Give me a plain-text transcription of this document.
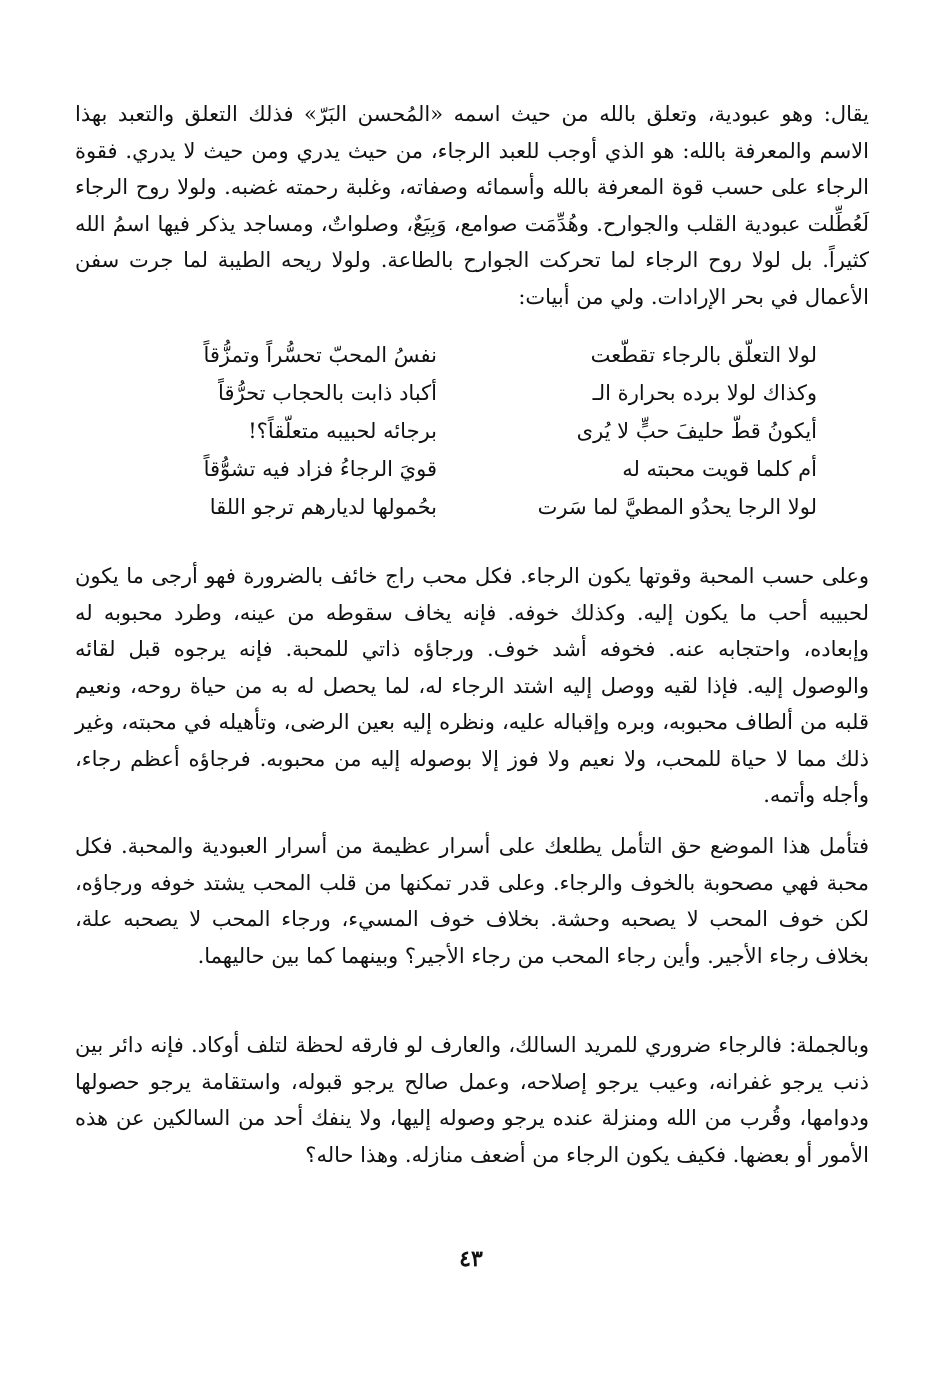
يقال: وهو عبودية، وتعلق بالله من حيث اسمه «المُحسن البَرّ» فذلك التعلق والتعبد بهذا الاسم والمعرفة بالله: هو الذي أوجب للعبد الرجاء، من حيث يدري ومن حيث لا يدري. فقوة الرجاء على حسب قوة المعرفة بالله وأسمائه وصفاته، وغلبة رحمته غضبه. ولولا روح الرجاء لَعُطِّلت عبودية القلب والجوارح. وهُدِّمَت صوامع، وَبِيَعٌ، وصلواتٌ، ومساجد يذكر فيها اسمُ الله كثيراً. بل لولا روح الرجاء لما تحركت الجوارح بالطاعة. ولولا ريحه الطيبة لما جرت سفن الأعمال في بحر الإرادات. ولي من أبيات:

لولا التعلّق بالرجاء تقطّعت
نفسُ المحبّ تحسُّراً وتمزُّقاً
وكذاك لولا برده بحرارة الـ
أكباد ذابت بالحجاب تحرُّقاً
أيكونُ قطّ حليفَ حبٍّ لا يُرى
برجائه لحبيبه متعلّقاً؟!
أم كلما قويت محبته له
قويَ الرجاءُ فزاد فيه تشوُّقاً
لولا الرجا يحدُو المطيَّ لما سَرت
بحُمولها لديارهم ترجو اللقا

وعلى حسب المحبة وقوتها يكون الرجاء. فكل محب راج خائف بالضرورة فهو أرجى ما يكون لحبيبه أحب ما يكون إليه. وكذلك خوفه. فإنه يخاف سقوطه من عينه، وطرد محبوبه له وإبعاده، واحتجابه عنه. فخوفه أشد خوف. ورجاؤه ذاتي للمحبة. فإنه يرجوه قبل لقائه والوصول إليه. فإذا لقيه ووصل إليه اشتد الرجاء له، لما يحصل له به من حياة روحه، ونعيم قلبه من ألطاف محبوبه، وبره وإقباله عليه، ونظره إليه بعين الرضى، وتأهيله في محبته، وغير ذلك مما لا حياة للمحب، ولا نعيم ولا فوز إلا بوصوله إليه من محبوبه. فرجاؤه أعظم رجاء، وأجله وأتمه.

فتأمل هذا الموضع حق التأمل يطلعك على أسرار عظيمة من أسرار العبودية والمحبة. فكل محبة فهي مصحوبة بالخوف والرجاء. وعلى قدر تمكنها من قلب المحب يشتد خوفه ورجاؤه، لكن خوف المحب لا يصحبه وحشة. بخلاف خوف المسيء، ورجاء المحب لا يصحبه علة، بخلاف رجاء الأجير. وأين رجاء المحب من رجاء الأجير؟ وبينهما كما بين حاليهما.

وبالجملة: فالرجاء ضروري للمريد السالك، والعارف لو فارقه لحظة لتلف أوكاد. فإنه دائر بين ذنب يرجو غفرانه، وعيب يرجو إصلاحه، وعمل صالح يرجو قبوله، واستقامة يرجو حصولها ودوامها، وقُرب من الله ومنزلة عنده يرجو وصوله إليها، ولا ينفك أحد من السالكين عن هذه الأمور أو بعضها. فكيف يكون الرجاء من أضعف منازله. وهذا حاله؟

٤٣
